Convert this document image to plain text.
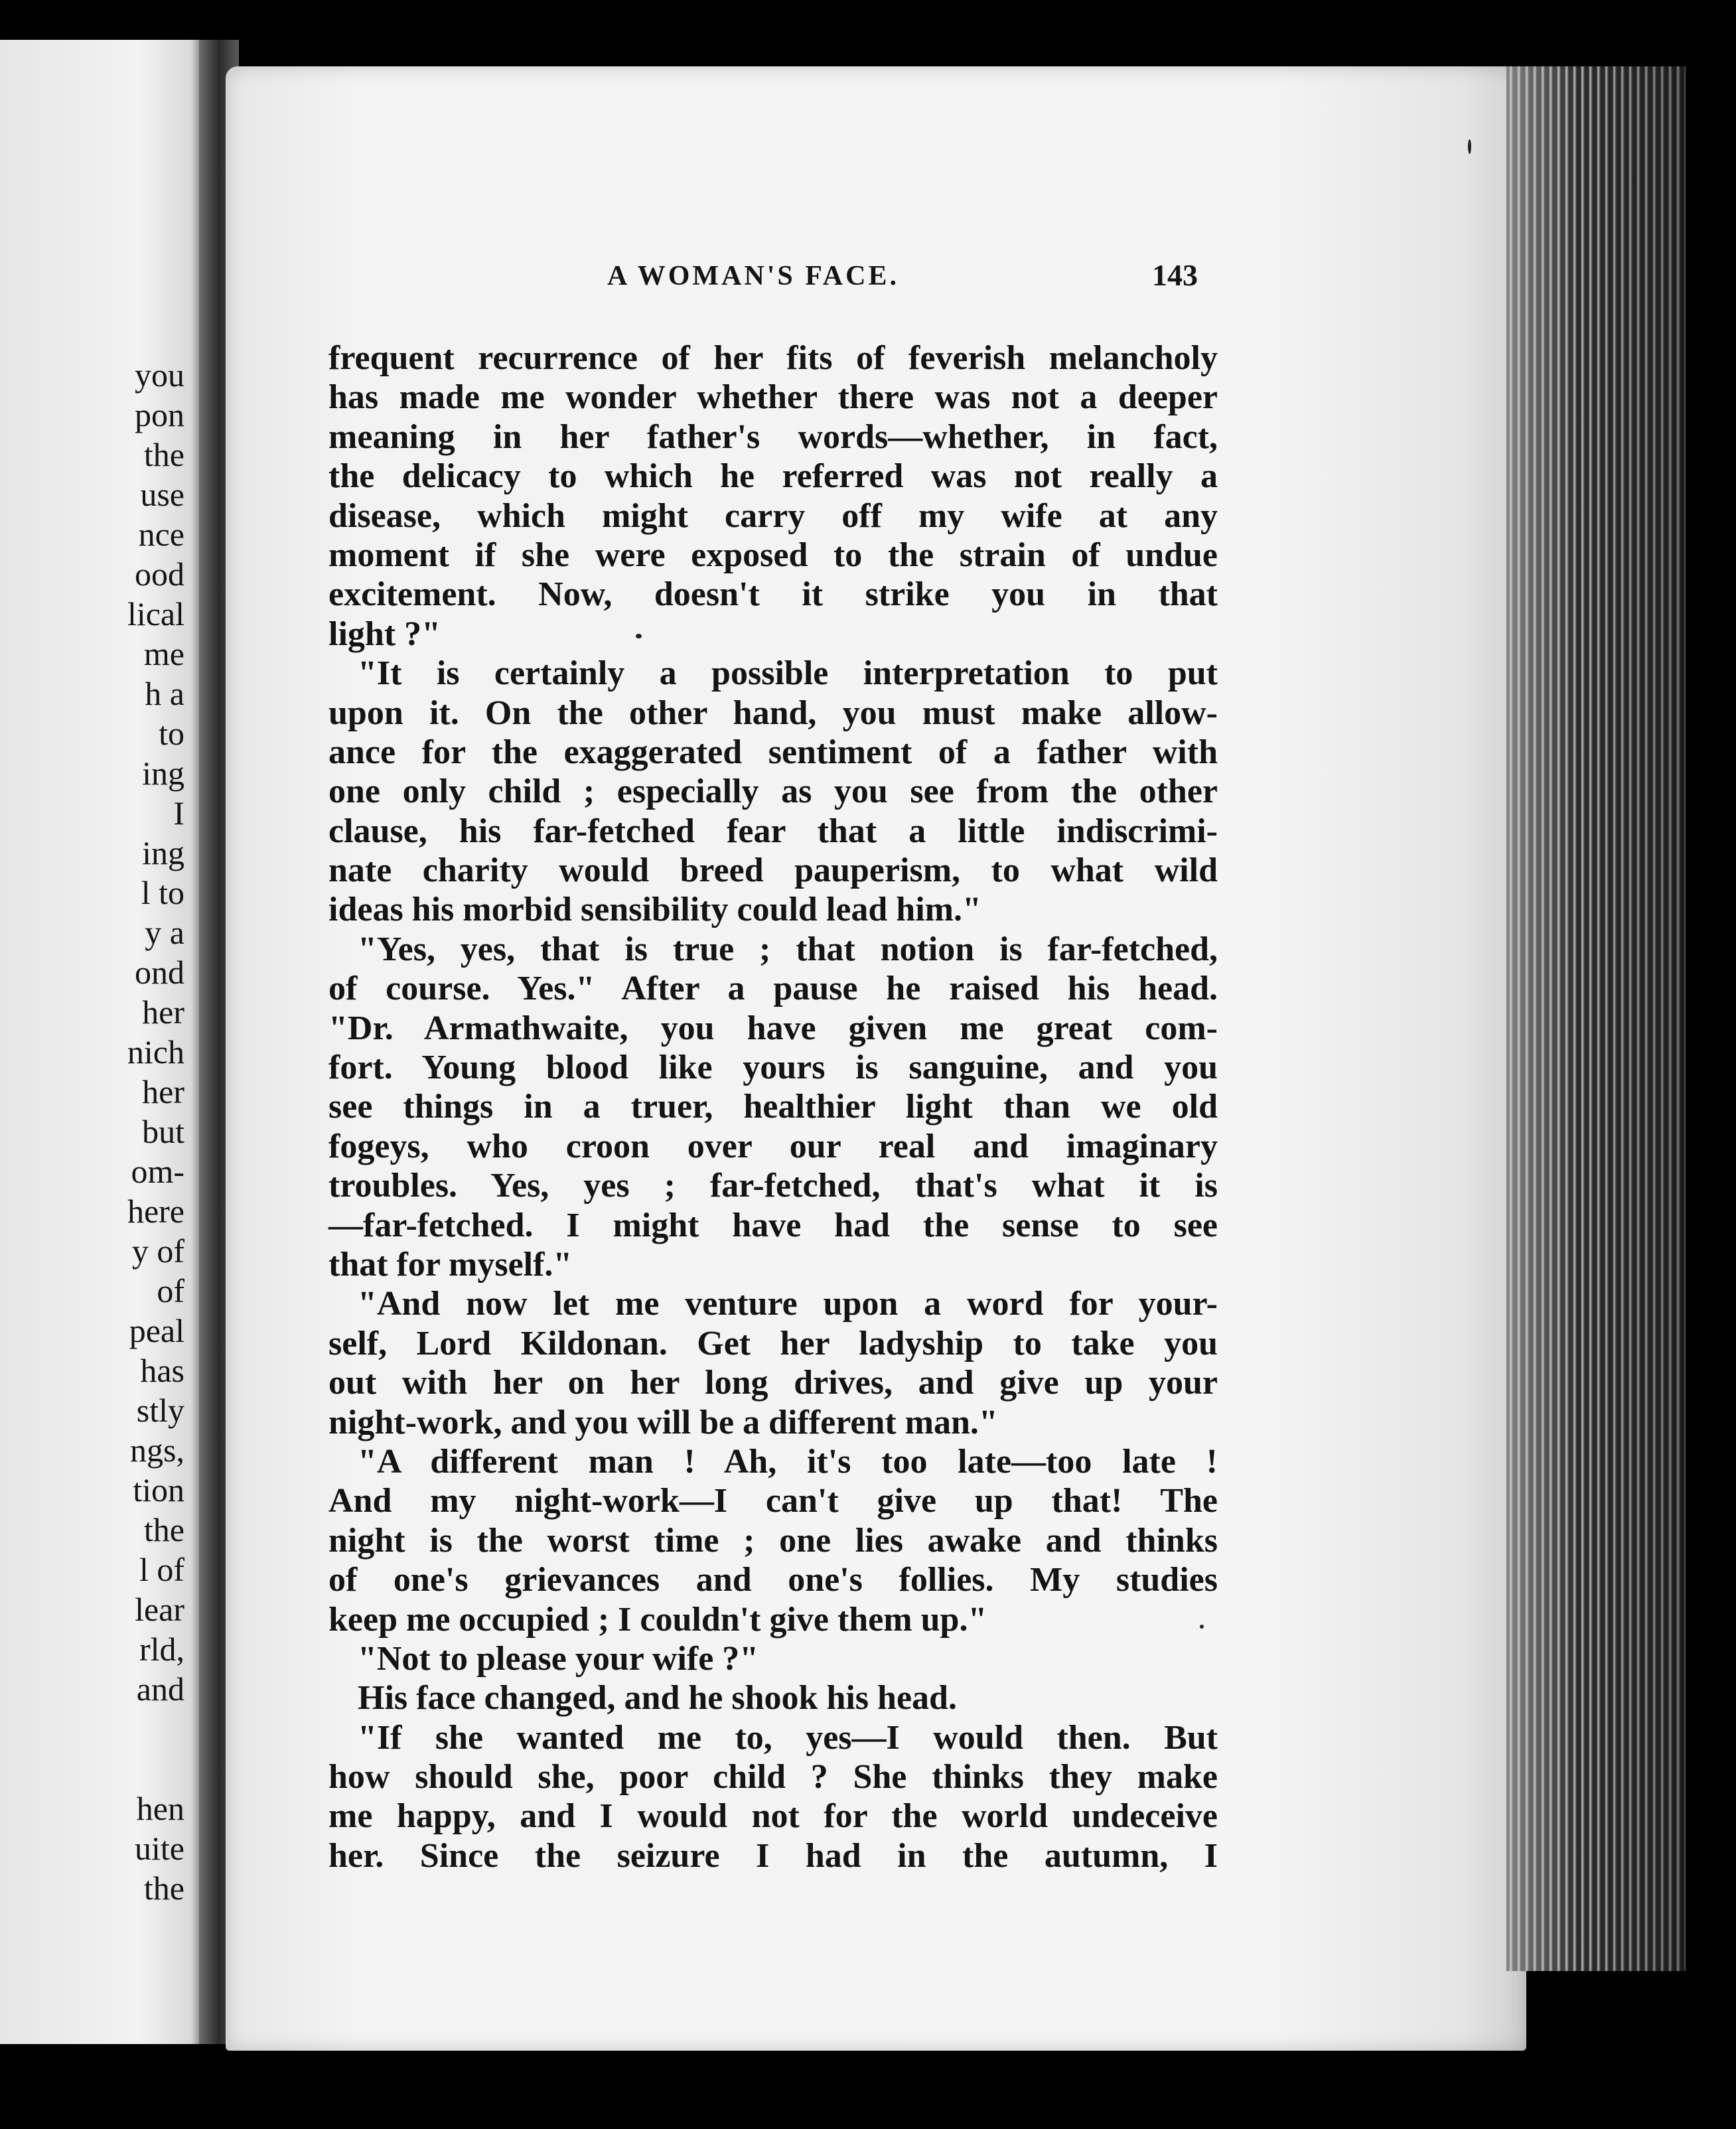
you
pon
the
use
nce
ood
lical
me
h a
to
ing
I
ing
l to
y a
ond
her
nich
her
but
om-
here
y of
of
peal
has
stly
ngs,
tion
the
l of
lear
rld,
and
hen
uite
the
A WOMAN'S FACE.	143
frequent recurrence of her fits of feverish melancholy
has made me wonder whether there was not a deeper
meaning in her father's words—whether, in fact,
the delicacy to which he referred was not really a
disease, which might carry off my wife at any
moment if she were exposed to the strain of undue
excitement. Now, doesn't it strike you in that
light ?"
"It is certainly a possible interpretation to put
upon it. On the other hand, you must make allow-
ance for the exaggerated sentiment of a father with
one only child ; especially as you see from the other
clause, his far-fetched fear that a little indiscrimi-
nate charity would breed pauperism, to what wild
ideas his morbid sensibility could lead him."
"Yes, yes, that is true ; that notion is far-fetched,
of course. Yes." After a pause he raised his head.
"Dr. Armathwaite, you have given me great com-
fort. Young blood like yours is sanguine, and you
see things in a truer, healthier light than we old
fogeys, who croon over our real and imaginary
troubles. Yes, yes ; far-fetched, that's what it is
—far-fetched. I might have had the sense to see
that for myself."
"And now let me venture upon a word for your-
self, Lord Kildonan. Get her ladyship to take you
out with her on her long drives, and give up your
night-work, and you will be a different man."
"A different man ! Ah, it's too late—too late !
And my night-work—I can't give up that! The
night is the worst time ; one lies awake and thinks
of one's grievances and one's follies. My studies
keep me occupied ; I couldn't give them up."
"Not to please your wife ?"
His face changed, and he shook his head.
"If she wanted me to, yes—I would then. But
how should she, poor child ? She thinks they make
me happy, and I would not for the world undeceive
her. Since the seizure I had in the autumn, I
